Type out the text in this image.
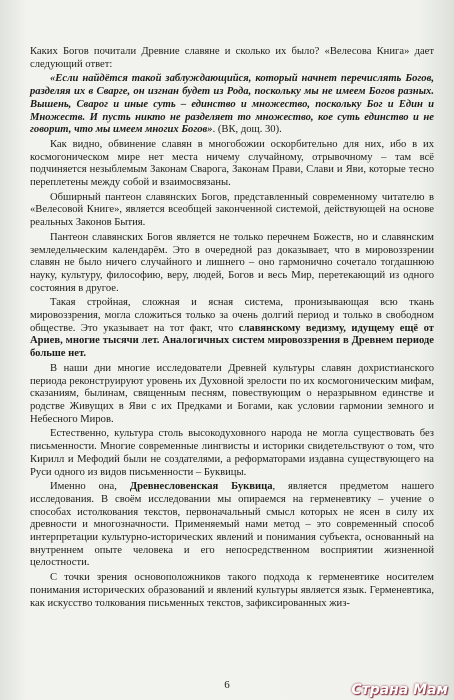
Каких Богов почитали Древние славяне и сколько их было? «Велесова Книга» дает следующий ответ:

«Если найдётся такой заблуждающийся, который начнет перечислять Богов, разделяя их в Сварге, он изгнан будет из Рода, поскольку мы не имеем Богов разных. Вышень, Сварог и иные суть – единство и множество, поскольку Бог и Един и Множеств. И пусть никто не разделяет то множество, кое суть единство и не говорит, что мы имеем многих Богов». (ВК, дощ. 30).

Как видно, обвинение славян в многобожии оскорбительно для них, ибо в их космогоническом мире нет места ничему случайному, отрывочному – там всё подчиняется незыблемым Законам Сварога, Законам Прави, Слави и Яви, которые тесно переплетены между собой и взаимосвязаны.

Обширный пантеон славянских Богов, представленный современному читателю в «Велесовой Книге», является всеобщей законченной системой, действующей на основе реальных Законов Бытия.

Пантеон славянских Богов является не только перечнем Божеств, но и славянским земледельческим календарём. Это в очередной раз доказывает, что в мировоззрении славян не было ничего случайного и лишнего – оно гармонично сочетало тогдашнюю науку, культуру, философию, веру, людей, Богов и весь Мир, перетекающий из одного состояния в другое.

Такая стройная, сложная и ясная система, пронизывающая всю ткань мировоззрения, могла сложиться только за очень долгий период и только в свободном обществе. Это указывает на тот факт, что славянскому ведизму, идущему ещё от Ариев, многие тысячи лет. Аналогичных систем мировоззрения в Древнем периоде больше нет.

В наши дни многие исследователи Древней культуры славян дохристианского периода реконструируют уровень их Духовной зрелости по их космогоническим мифам, сказаниям, былинам, священным песням, повествующим о неразрывном единстве и родстве Живущих в Яви с их Предками и Богами, как условии гармонии земного и Небесного Миров.

Естественно, культура столь высокодуховного народа не могла существовать без письменности. Многие современные лингвисты и историки свидетельствуют о том, что Кирилл и Мефодий были не создателями, а реформаторами издавна существующего на Руси одного из видов письменности – Буквицы.

Именно она, Древнесловенская Буквица, является предметом нашего исследования. В своём исследовании мы опираемся на герменевтику – учение о способах истолкования текстов, первоначальный смысл которых не ясен в силу их древности и многозначности. Применяемый нами метод – это современный способ интерпретации культурно-исторических явлений и понимания субъекта, основанный на внутреннем опыте человека и его непосредственном восприятии жизненной целостности.

С точки зрения основоположников такого подхода к герменевтике носителем понимания исторических образований и явлений культуры является язык. Герменевтика, как искусство толкования письменных текстов, зафиксированных жиз-

6	Страна Мам
